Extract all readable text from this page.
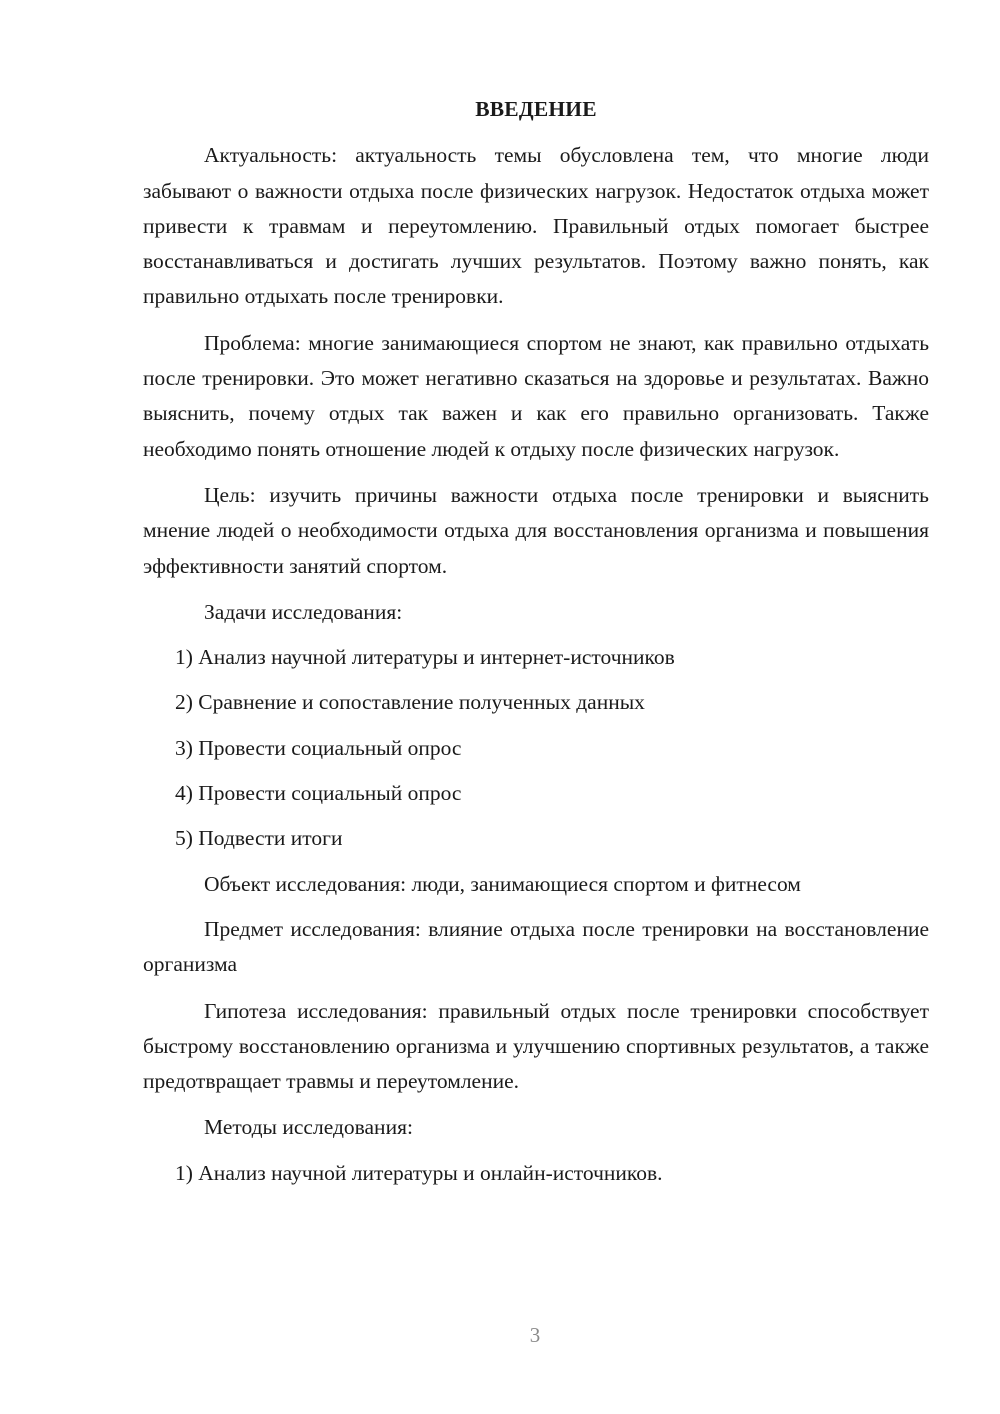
ВВЕДЕНИЕ

Актуальность: актуальность темы обусловлена тем, что многие люди забывают о важности отдыха после физических нагрузок. Недостаток отдыха может привести к травмам и переутомлению. Правильный отдых помогает быстрее восстанавливаться и достигать лучших результатов. Поэтому важно понять, как правильно отдыхать после тренировки.

Проблема: многие занимающиеся спортом не знают, как правильно отдыхать после тренировки. Это может негативно сказаться на здоровье и результатах. Важно выяснить, почему отдых так важен и как его правильно организовать. Также необходимо понять отношение людей к отдыху после физических нагрузок.

Цель: изучить причины важности отдыха после тренировки и выяснить мнение людей о необходимости отдыха для восстановления организма и повышения эффективности занятий спортом.

Задачи исследования:

1) Анализ научной литературы и интернет-источников

2) Сравнение и сопоставление полученных данных

3) Провести социальный опрос

4) Провести социальный опрос

5) Подвести итоги

Объект исследования: люди, занимающиеся спортом и фитнесом

Предмет исследования: влияние отдыха после тренировки на восстановление организма

Гипотеза исследования: правильный отдых после тренировки способствует быстрому восстановлению организма и улучшению спортивных результатов, а также предотвращает травмы и переутомление.

Методы исследования:

1) Анализ научной литературы и онлайн-источников.

3
